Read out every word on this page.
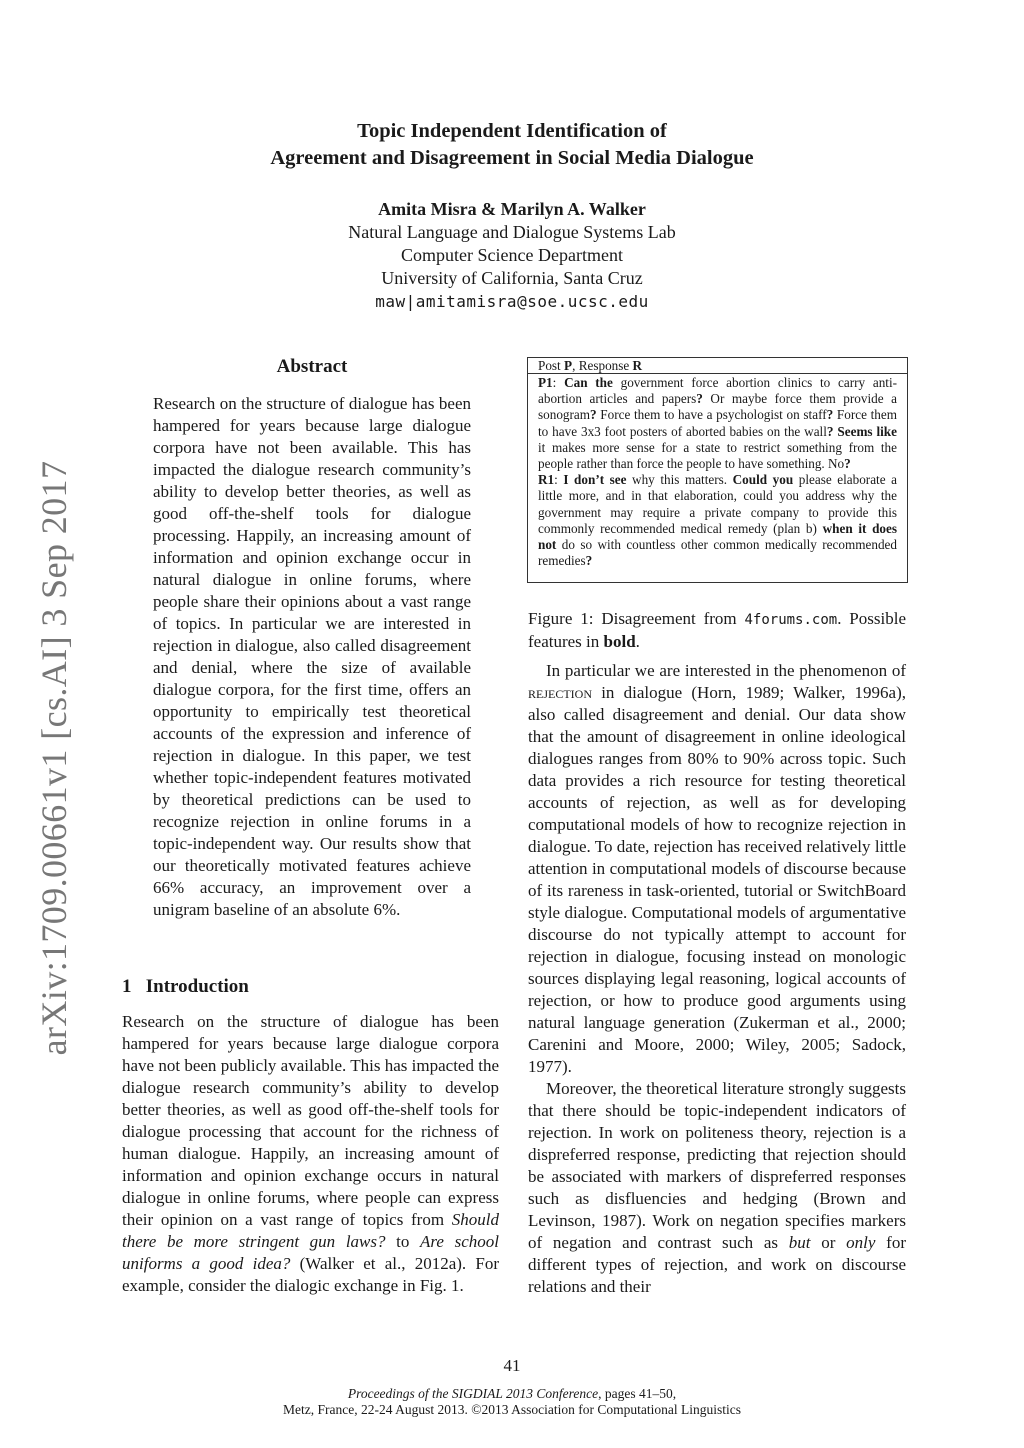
Topic Independent Identification of
Agreement and Disagreement in Social Media Dialogue
Amita Misra & Marilyn A. Walker
Natural Language and Dialogue Systems Lab
Computer Science Department
University of California, Santa Cruz
maw|amitamisra@soe.ucsc.edu
arXiv:1709.00661v1 [cs.AI] 3 Sep 2017
Abstract
Research on the structure of dialogue has been hampered for years because large dialogue corpora have not been available. This has impacted the dialogue research community’s ability to develop better theories, as well as good off-the-shelf tools for dialogue processing. Happily, an increasing amount of information and opinion exchange occur in natural dialogue in online forums, where people share their opinions about a vast range of topics. In particular we are interested in rejection in dialogue, also called disagreement and denial, where the size of available dialogue corpora, for the first time, offers an opportunity to empirically test theoretical accounts of the expression and inference of rejection in dialogue. In this paper, we test whether topic-independent features motivated by theoretical predictions can be used to recognize rejection in online forums in a topic-independent way. Our results show that our theoretically motivated features achieve 66% accuracy, an improvement over a unigram baseline of an absolute 6%.
1 Introduction
Research on the structure of dialogue has been hampered for years because large dialogue corpora have not been publicly available. This has impacted the dialogue research community’s ability to develop better theories, as well as good off-the-shelf tools for dialogue processing that account for the richness of human dialogue. Happily, an increasing amount of information and opinion exchange occurs in natural dialogue in online forums, where people can express their opinion on a vast range of topics from Should there be more stringent gun laws? to Are school uniforms a good idea? (Walker et al., 2012a). For example, consider the dialogic exchange in Fig. 1.
Post P, Response R
P1: Can the government force abortion clinics to carry anti-abortion articles and papers? Or maybe force them provide a sonogram? Force them to have a psychologist on staff? Force them to have 3x3 foot posters of aborted babies on the wall? Seems like it makes more sense for a state to restrict something from the people rather than force the people to have something. No?
R1: I don’t see why this matters. Could you please elaborate a little more, and in that elaboration, could you address why the government may require a private company to provide this commonly recommended medical remedy (plan b) when it does not do so with countless other common medically recommended remedies?
Figure 1: Disagreement from 4forums.com. Possible features in bold.

In particular we are interested in the phenomenon of rejection in dialogue (Horn, 1989; Walker, 1996a), also called disagreement and denial. Our data show that the amount of disagreement in online ideological dialogues ranges from 80% to 90% across topic. Such data provides a rich resource for testing theoretical accounts of rejection, as well as for developing computational models of how to recognize rejection in dialogue. To date, rejection has received relatively little attention in computational models of discourse because of its rareness in task-oriented, tutorial or SwitchBoard style dialogue. Computational models of argumentative discourse do not typically attempt to account for rejection in dialogue, focusing instead on monologic sources displaying legal reasoning, logical accounts of rejection, or how to produce good arguments using natural language generation (Zukerman et al., 2000; Carenini and Moore, 2000; Wiley, 2005; Sadock, 1977).

Moreover, the theoretical literature strongly suggests that there should be topic-independent indicators of rejection. In work on politeness theory, rejection is a dispreferred response, predicting that rejection should be associated with markers of dispreferred responses such as disfluencies and hedging (Brown and Levinson, 1987). Work on negation specifies markers of negation and contrast such as but or only for different types of rejection, and work on discourse relations and their

41
Proceedings of the SIGDIAL 2013 Conference, pages 41–50,
Metz, France, 22-24 August 2013. ©2013 Association for Computational Linguistics
